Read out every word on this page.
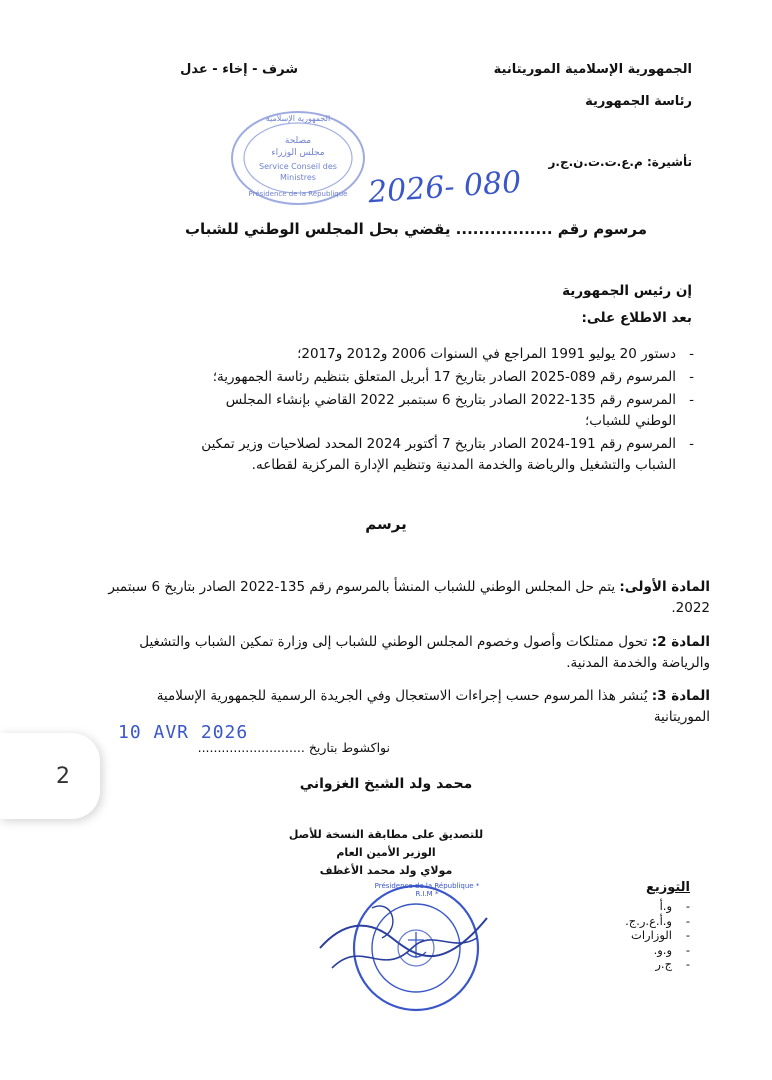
الجمهورية الإسلامية الموريتانية
رئاسة الجمهورية
شرف - إخاء - عدل
تأشيرة: م.ع.ت.ت.ن.ج.ر
الجمهورية الإسلامية
مصلحة
مجلس الوزراء
Service Conseil des
Ministres
Présidence de la République 2026- 080
مرسوم رقم ................. يقضي بحل المجلس الوطني للشباب
إن رئيس الجمهورية
بعد الاطلاع على:
- دستور 20 يوليو 1991 المراجع في السنوات 2006 و2012 و2017؛
- المرسوم رقم 089-2025 الصادر بتاريخ 17 أبريل المتعلق بتنظيم رئاسة الجمهورية؛
- المرسوم رقم 135-2022 الصادر بتاريخ 6 سبتمبر 2022 القاضي بإنشاء المجلس الوطني للشباب؛
- المرسوم رقم 191-2024 الصادر بتاريخ 7 أكتوبر 2024 المحدد لصلاحيات وزير تمكين الشباب والتشغيل والرياضة والخدمة المدنية وتنظيم الإدارة المركزية لقطاعه.
يرسم
المادة الأولى: يتم حل المجلس الوطني للشباب المنشأ بالمرسوم رقم 135-2022 الصادر بتاريخ 6 سبتمبر 2022.
المادة 2: تحول ممتلكات وأصول وخصوم المجلس الوطني للشباب إلى وزارة تمكين الشباب والتشغيل والرياضة والخدمة المدنية.
المادة 3: يُنشر هذا المرسوم حسب إجراءات الاستعجال وفي الجريدة الرسمية للجمهورية الإسلامية الموريتانية
نواكشوط بتاريخ ...........................
10 AVR 2026
محمد ولد الشيخ الغزواني
للتصديق على مطابقة النسخة للأصل
الوزير الأمين العام
مولاي ولد محمد الأغظف
Présidence de la République * R.I.M *	التوزيع
- و.أ
- و.أ.ع.ر.ج.
- الوزارات
- و.و.
- ج.ر
2
